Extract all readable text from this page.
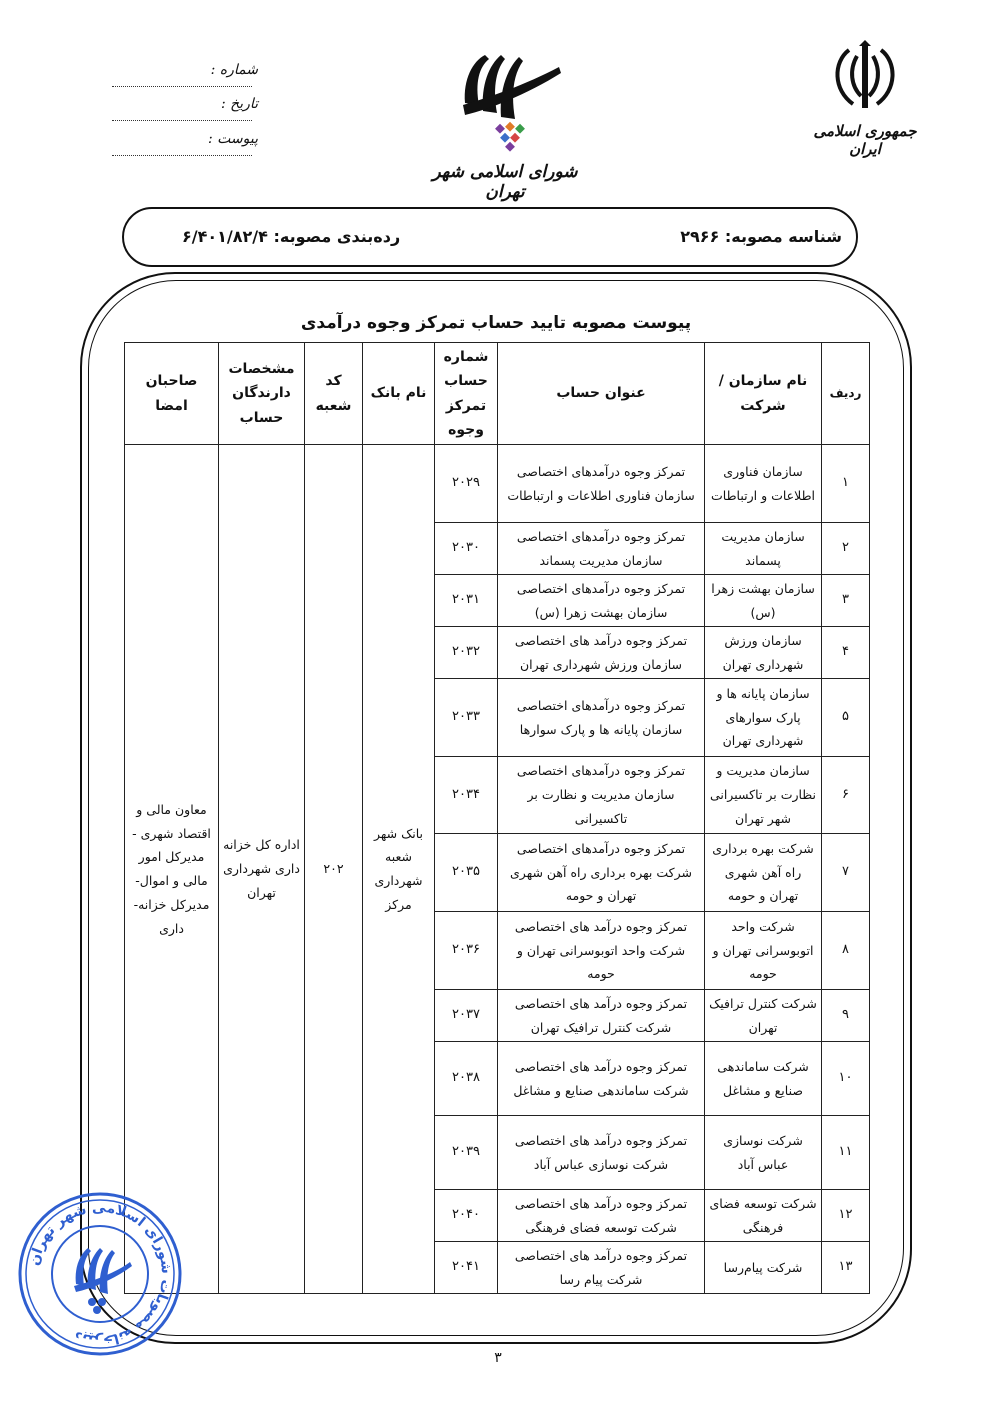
شماره :
تاریخ :
پیوست :
شورای اسلامی شهر تهران
جمهوری اسلامی ایران
شناسه مصوبه: ۲۹۶۶
رده‌بندی مصوبه: ۶/۴۰۱/۸۲/۴
پیوست مصوبه تایید حساب تمرکز وجوه درآمدی
ردیف	نام سازمان / شرکت	عنوان حساب	شماره حساب تمرکز وجوه	نام بانک	کد شعبه	مشخصات دارندگان حساب	صاحبان امضا
۱	سازمان فناوری اطلاعات و ارتباطات	تمرکز وجوه درآمدهای اختصاصی سازمان فناوری اطلاعات و ارتباطات	۲۰۲۹	بانک شهر شعبه شهرداری مرکز	۲۰۲	اداره کل خزانه داری شهرداری تهران	معاون مالی و اقتصاد شهری - مدیرکل امور مالی و اموال- مدیرکل خزانه- داری
۲	سازمان مدیریت پسماند	تمرکز وجوه درآمدهای اختصاصی سازمان مدیریت پسماند	۲۰۳۰				
۳	سازمان بهشت زهرا (س)	تمرکز وجوه درآمدهای اختصاصی سازمان بهشت زهرا (س)	۲۰۳۱				
۴	سازمان ورزش شهرداری تهران	تمرکز وجوه درآمد های اختصاصی سازمان ورزش شهرداری تهران	۲۰۳۲				
۵	سازمان پایانه ها و پارک سوارهای شهرداری تهران	تمرکز وجوه درآمدهای اختصاصی سازمان پایانه ها و پارک سوارها	۲۰۳۳				
۶	سازمان مدیریت و نظارت بر تاکسیرانی شهر تهران	تمرکز وجوه درآمدهای اختصاصی سازمان مدیریت و نظارت بر تاکسیرانی	۲۰۳۴				
۷	شرکت بهره برداری راه آهن شهری تهران و حومه	تمرکز وجوه درآمدهای اختصاصی شرکت بهره برداری راه آهن شهری تهران و حومه	۲۰۳۵				
۸	شرکت واحد اتوبوسرانی تهران و حومه	تمرکز وجوه درآمد های اختصاصی شرکت واحد اتوبوسرانی تهران و حومه	۲۰۳۶				
۹	شرکت کنترل ترافیک تهران	تمرکز وجوه درآمد های اختصاصی شرکت کنترل ترافیک تهران	۲۰۳۷				
۱۰	شرکت ساماندهی صنایع و مشاغل	تمرکز وجوه درآمد های اختصاصی شرکت ساماندهی صنایع و مشاغل	۲۰۳۸				
۱۱	شرکت نوسازی عباس آباد	تمرکز وجوه درآمد های اختصاصی شرکت نوسازی عباس آباد	۲۰۳۹				
۱۲	شرکت توسعه فضای فرهنگی	تمرکز وجوه درآمد های اختصاصی شرکت توسعه فضای فرهنگی	۲۰۴۰				
۱۳	شرکت پیام‌رسا	تمرکز وجوه درآمد های اختصاصی شرکت پیام رسا	۲۰۴۱				
۳
دبیرخانه مصوبات شورای اسلامی شهر تهران
